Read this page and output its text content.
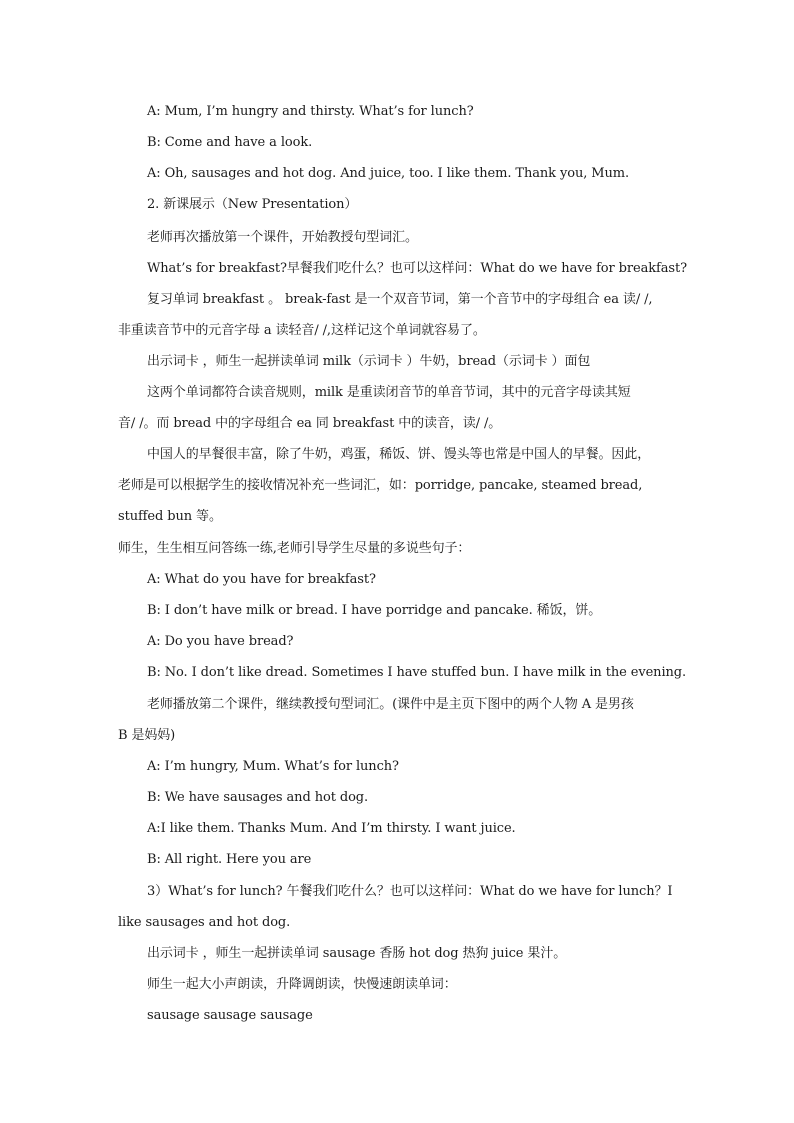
A: Mum, I’m hungry and thirsty. What’s for lunch?
B: Come and have a look.
A: Oh, sausages and hot dog. And juice, too. I like them. Thank you, Mum.
2. 新课展示（New Presentation）
老师再次播放第一个课件，开始教授句型词汇。
What’s for breakfast?早餐我们吃什么？也可以这样问：What do we have for breakfast?
复习单词 breakfast 。 break-fast 是一个双音节词，第一个音节中的字母组合 ea 读/ /,
非重读音节中的元音字母 a 读轻音/ /,这样记这个单词就容易了。
出示词卡 ，师生一起拼读单词 milk（示词卡 ）牛奶，bread（示词卡 ）面包
这两个单词都符合读音规则，milk 是重读闭音节的单音节词，其中的元音字母读其短
音/ /。而 bread 中的字母组合 ea 同 breakfast 中的读音，读/ /。
中国人的早餐很丰富，除了牛奶，鸡蛋，稀饭、饼、馒头等也常是中国人的早餐。因此，
老师是可以根据学生的接收情况补充一些词汇，如：porridge, pancake, steamed bread,
stuffed bun 等。
师生，生生相互问答练一练,老师引导学生尽量的多说些句子：
A: What do you have for breakfast?
B: I don’t have milk or bread. I have porridge and pancake. 稀饭，饼。
A: Do you have bread?
B: No. I don’t like dread. Sometimes I have stuffed bun. I have milk in the evening.
老师播放第二个课件，继续教授句型词汇。(课件中是主页下图中的两个人物 A 是男孩
B 是妈妈)
A: I’m hungry, Mum. What’s for lunch?
B: We have sausages and hot dog.
A:I like them. Thanks Mum. And I’m thirsty. I want juice.
B: All right. Here you are
3）What’s for lunch? 午餐我们吃什么？也可以这样问：What do we have for lunch？I
like sausages and hot dog.
出示词卡 ，师生一起拼读单词 sausage 香肠 hot dog 热狗 juice 果汁。
师生一起大小声朗读，升降调朗读，快慢速朗读单词：
sausage sausage sausage
